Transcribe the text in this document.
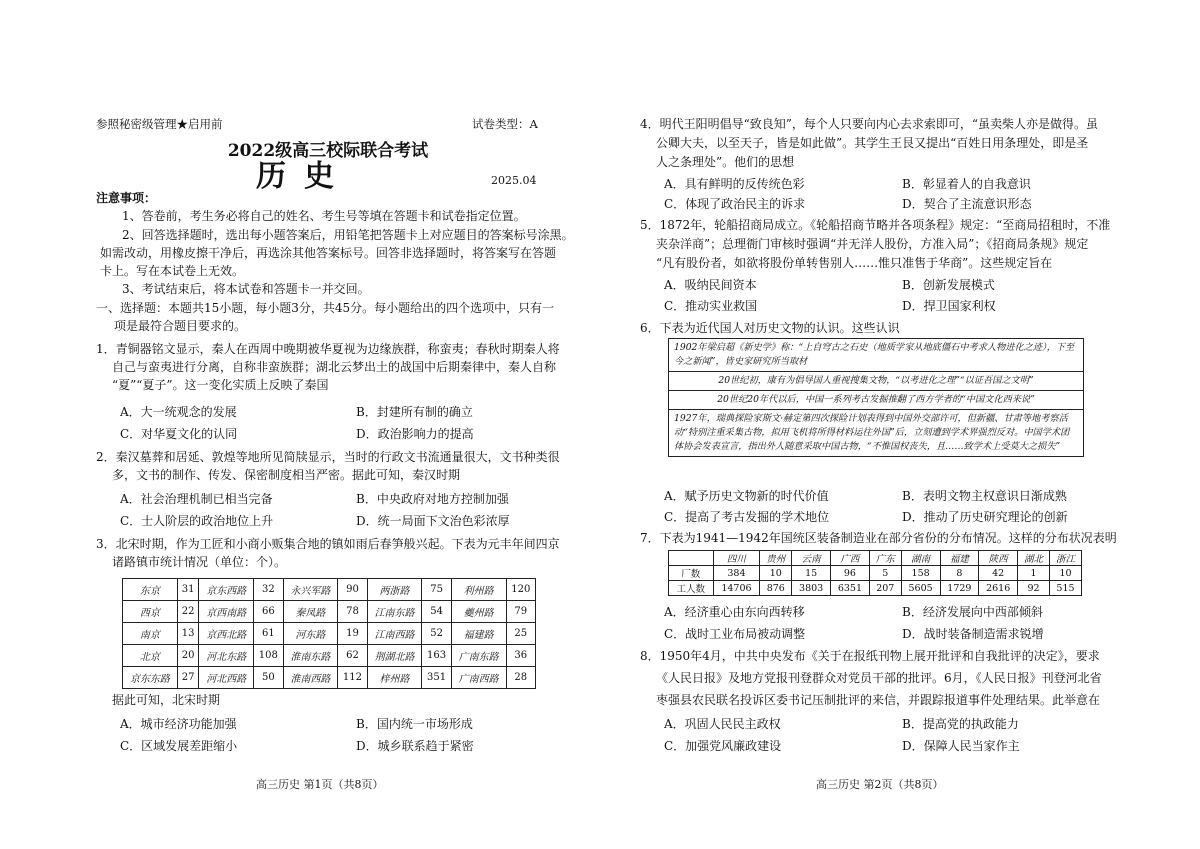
参照秘密级管理★启用前	试卷类型：A
2022级高三校际联合考试
历史	2025.04
注意事项：
1、答卷前，考生务必将自己的姓名、考生号等填在答题卡和试卷指定位置。
2、回答选择题时，选出每小题答案后，用铅笔把答题卡上对应题目的答案标号涂黑。
如需改动，用橡皮擦干净后，再选涂其他答案标号。回答非选择题时，将答案写在答题
卡上。写在本试卷上无效。
3、考试结束后，将本试卷和答题卡一并交回。
一、选择题：本题共15小题，每小题3分，共45分。每小题给出的四个选项中，只有一
项是最符合题目要求的。
1．青铜器铭文显示，秦人在西周中晚期被华夏视为边缘族群，称蛮夷；春秋时期秦人将
自己与蛮夷进行分离，自称非蛮族群；湖北云梦出土的战国中后期秦律中，秦人自称
“夏”“夏子”。这一变化实质上反映了秦国
A．大一统观念的发展	B．封建所有制的确立
C．对华夏文化的认同	D．政治影响力的提高
2．秦汉墓葬和居延、敦煌等地所见简牍显示，当时的行政文书流通量很大，文书种类很
多，文书的制作、传发、保密制度相当严密。据此可知，秦汉时期
A．社会治理机制已相当完备	B．中央政府对地方控制加强
C．士人阶层的政治地位上升	D．统一局面下文治色彩浓厚
3．北宋时期，作为工匠和小商小贩集合地的镇如雨后春笋般兴起。下表为元丰年间四京
诸路镇市统计情况（单位：个）。
东京	31	京东西路	32	永兴军路	90	两浙路	75	利州路	120
西京	22	京西南路	66	秦凤路	78	江南东路	54	夔州路	79
南京	13	京西北路	61	河东路	19	江南西路	52	福建路	25
北京	20	河北东路	108	淮南东路	62	荆湖北路	163	广南东路	36
京东东路	27	河北西路	50	淮南西路	112	梓州路	351	广南西路	28
据此可知，北宋时期
A．城市经济功能加强	B．国内统一市场形成
C．区域发展差距缩小	D．城乡联系趋于紧密
高三历史 第1页（共8页）
4．明代王阳明倡导“致良知”，每个人只要向内心去求索即可，“虽卖柴人亦是做得。虽
公卿大夫，以至天子，皆是如此做”。其学生王艮又提出“百姓日用条理处，即是圣
人之条理处”。他们的思想
A．具有鲜明的反传统色彩	B．彰显着人的自我意识
C．体现了政治民主的诉求	D．契合了主流意识形态
5．1872年，轮船招商局成立。《轮船招商节略并各项条程》规定：“至商局招租时，不准
夹杂洋商”；总理衙门审核时强调“并无洋人股份，方准入局”；《招商局条规》规定
“凡有股份者，如欲将股份单转售别人……惟只准售于华商”。这些规定旨在
A．吸纳民间资本	B．创新发展模式
C．推动实业救国	D．捍卫国家利权
6．下表为近代国人对历史文物的认识。这些认识
1902年梁启超《新史学》称：“上自穹古之石史（地质学家从地底僵石中考求人物进化之迹），下至今之新闻”，皆史家研究所当取材
20世纪初，康有为倡导国人重视搜集文物，“以考进化之理”“以证吾国之文明”
20世纪20年代以后，中国一系列考古发掘推翻了西方学者的“中国文化西来说”
1927年，瑞典探险家斯文·赫定第四次探险计划表得到中国外交部许可，但新疆、甘肃等地考察活动“特别注重采集古物，拟用飞机将所得材料运往外国”后，立刻遭到学术界强烈反对。中国学术团体协会发表宣言，指出外人随意采取中国古物，“不惟国权丧失，且……致学术上受莫大之损失”
A．赋予历史文物新的时代价值	B．表明文物主权意识日渐成熟
C．提高了考古发掘的学术地位	D．推动了历史研究理论的创新
7．下表为1941—1942年国统区装备制造业在部分省份的分布情况。这样的分布状况表明
	四川	贵州	云南	广西	广东	湖南	福建	陕西	湖北	浙江
厂数	384	10	15	96	5	158	8	42	1	10
工人数	14706	876	3803	6351	207	5605	1729	2616	92	515
A．经济重心由东向西转移	B．经济发展向中西部倾斜
C．战时工业布局被动调整	D．战时装备制造需求锐增
8．1950年4月，中共中央发布《关于在报纸刊物上展开批评和自我批评的决定》，要求
《人民日报》及地方党报刊登群众对党员干部的批评。6月，《人民日报》刊登河北省
枣强县农民联名投诉区委书记压制批评的来信，并跟踪报道事件处理结果。此举意在
A．巩固人民民主政权	B．提高党的执政能力
C．加强党风廉政建设	D．保障人民当家作主
高三历史 第2页（共8页）
